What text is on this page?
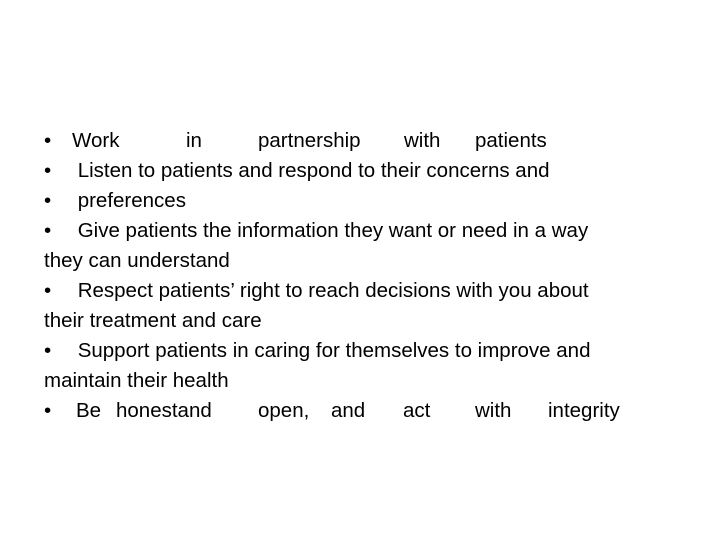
• Work	in	partnership with patients
• Listen to patients and respond to their concerns and
• preferences
• Give patients the information they want or need in a way
they can understand
• Respect patients’ right to reach decisions with you about
their treatment and care
• Support patients in caring for themselves to improve and
maintain their health
• Be honestand open, and act with integrity
